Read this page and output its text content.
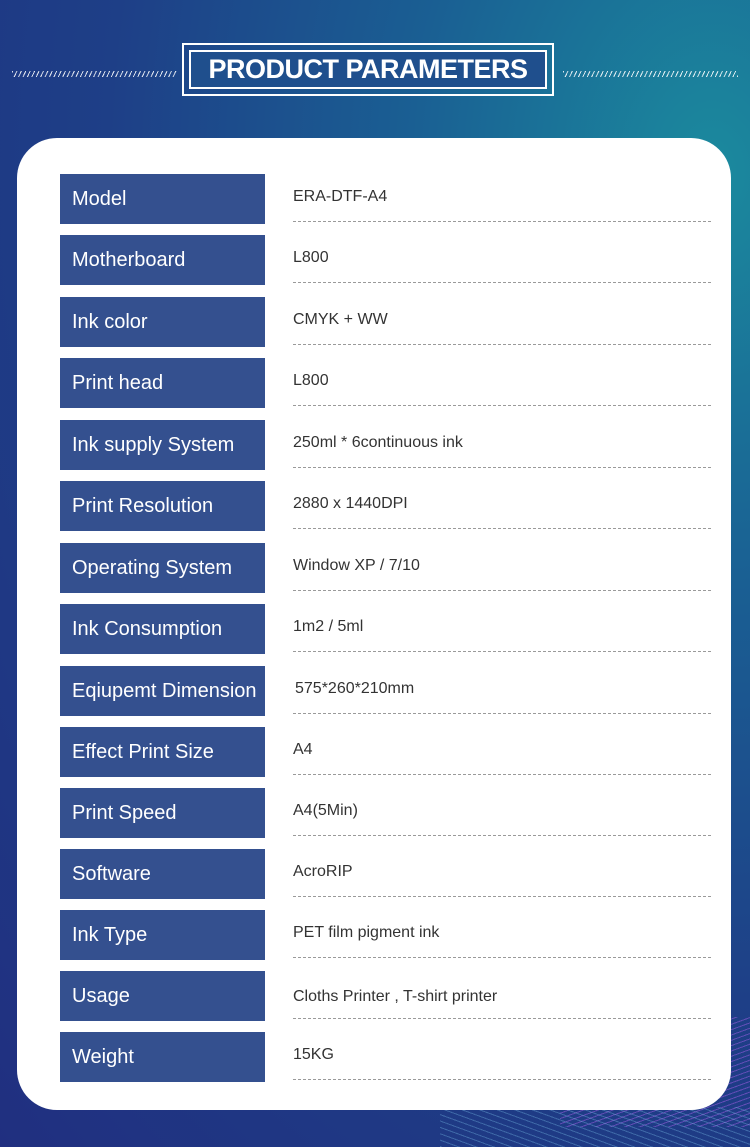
PRODUCT PARAMETERS
Model	ERA-DTF-A4
Motherboard	L800
Ink color	CMYK + WW
Print head	L800
Ink supply System	250ml * 6continuous ink
Print Resolution	2880 x 1440DPI
Operating System	Window XP / 7/10
Ink Consumption	1m2 / 5ml
Eqiupemt Dimension	575*260*210mm
Effect Print Size	A4
Print Speed	A4(5Min)
Software	AcroRIP
Ink Type	PET film pigment ink
Usage	Cloths Printer , T-shirt printer
Weight	15KG
